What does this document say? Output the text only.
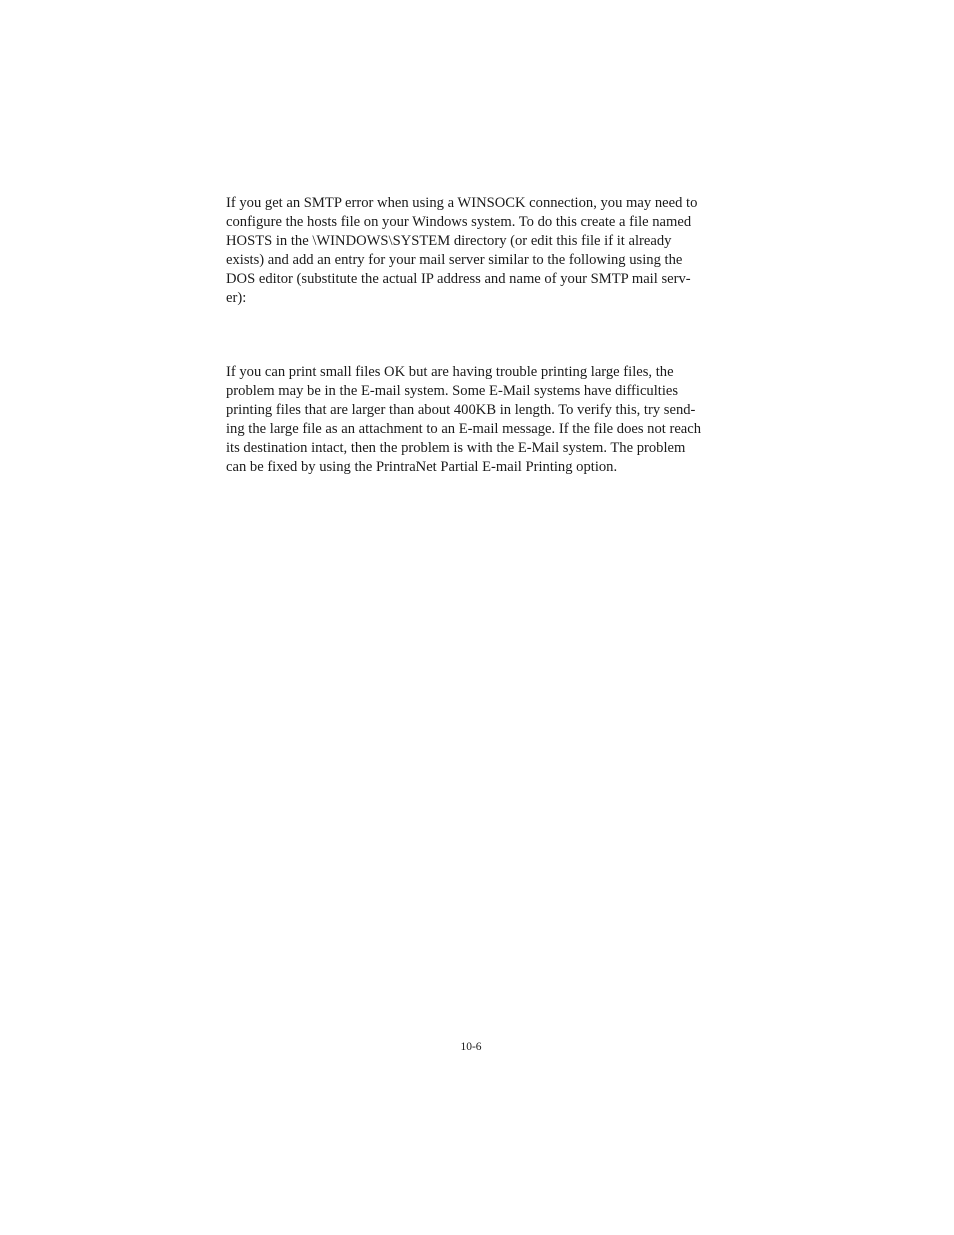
If you get an SMTP error when using a WINSOCK connection, you may need to
configure the hosts file on your Windows system. To do this create a file named
HOSTS in the \WINDOWS\SYSTEM directory (or edit this file if it already
exists) and add an entry for your mail server similar to the following using the
DOS editor (substitute the actual IP address and name of your SMTP mail serv-
er):

If you can print small files OK but are having trouble printing large files, the
problem may be in the E-mail system. Some E-Mail systems have difficulties
printing files that are larger than about 400KB in length. To verify this, try send-
ing the large file as an attachment to an E-mail message. If the file does not reach
its destination intact, then the problem is with the E-Mail system. The problem
can be fixed by using the PrintraNet Partial E-mail Printing option.

10-6
